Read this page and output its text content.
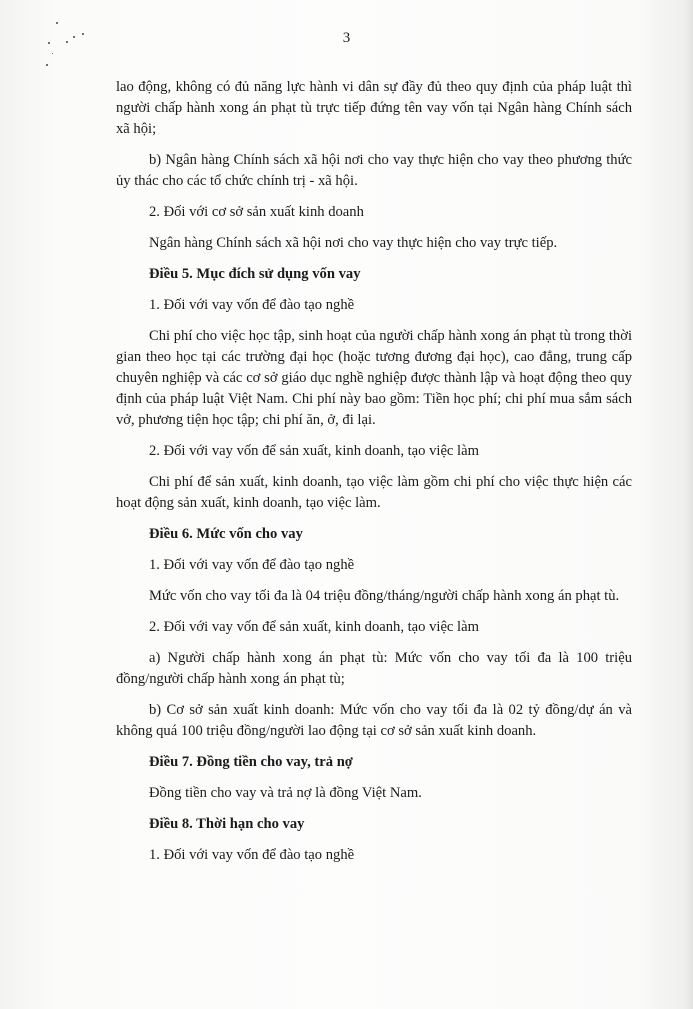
3

lao động, không có đủ năng lực hành vi dân sự đầy đủ theo quy định của pháp luật thì người chấp hành xong án phạt tù trực tiếp đứng tên vay vốn tại Ngân hàng Chính sách xã hội;

b) Ngân hàng Chính sách xã hội nơi cho vay thực hiện cho vay theo phương thức ủy thác cho các tổ chức chính trị - xã hội.

2. Đối với cơ sở sản xuất kinh doanh

Ngân hàng Chính sách xã hội nơi cho vay thực hiện cho vay trực tiếp.

Điều 5. Mục đích sử dụng vốn vay

1. Đối với vay vốn để đào tạo nghề

Chi phí cho việc học tập, sinh hoạt của người chấp hành xong án phạt tù trong thời gian theo học tại các trường đại học (hoặc tương đương đại học), cao đẳng, trung cấp chuyên nghiệp và các cơ sở giáo dục nghề nghiệp được thành lập và hoạt động theo quy định của pháp luật Việt Nam. Chi phí này bao gồm: Tiền học phí; chi phí mua sắm sách vở, phương tiện học tập; chi phí ăn, ở, đi lại.

2. Đối với vay vốn để sản xuất, kinh doanh, tạo việc làm

Chi phí để sản xuất, kinh doanh, tạo việc làm gồm chi phí cho việc thực hiện các hoạt động sản xuất, kinh doanh, tạo việc làm.

Điều 6. Mức vốn cho vay

1. Đối với vay vốn để đào tạo nghề

Mức vốn cho vay tối đa là 04 triệu đồng/tháng/người chấp hành xong án phạt tù.

2. Đối với vay vốn để sản xuất, kinh doanh, tạo việc làm

a) Người chấp hành xong án phạt tù: Mức vốn cho vay tối đa là 100 triệu đồng/người chấp hành xong án phạt tù;

b) Cơ sở sản xuất kinh doanh: Mức vốn cho vay tối đa là 02 tỷ đồng/dự án và không quá 100 triệu đồng/người lao động tại cơ sở sản xuất kinh doanh.

Điều 7. Đồng tiền cho vay, trả nợ

Đồng tiền cho vay và trả nợ là đồng Việt Nam.

Điều 8. Thời hạn cho vay

1. Đối với vay vốn để đào tạo nghề
